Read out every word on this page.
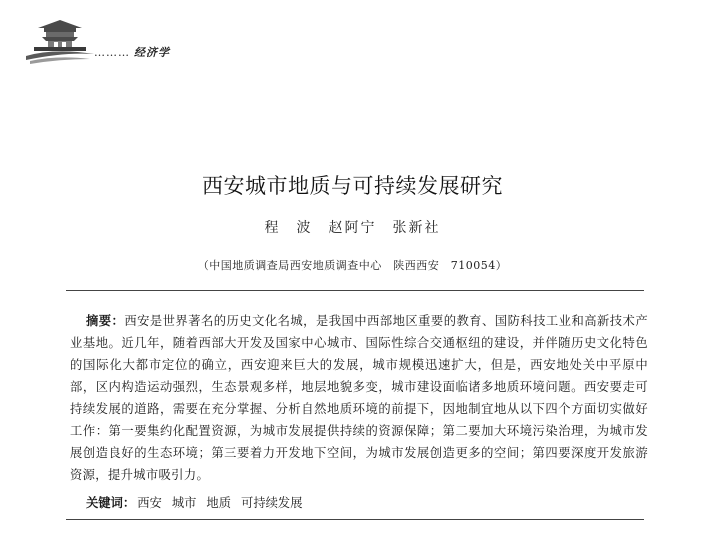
……… 经济学
西安城市地质与可持续发展研究
程　波　赵阿宁　张新社
（中国地质调查局西安地质调查中心　陕西西安　710054）
摘要：西安是世界著名的历史文化名城，是我国中西部地区重要的教育、国防科技工业和高新技术产业基地。近几年，随着西部大开发及国家中心城市、国际性综合交通枢纽的建设，并伴随历史文化特色的国际化大都市定位的确立，西安迎来巨大的发展，城市规模迅速扩大，但是，西安地处关中平原中部，区内构造运动强烈，生态景观多样，地层地貌多变，城市建设面临诸多地质环境问题。西安要走可持续发展的道路，需要在充分掌握、分析自然地质环境的前提下，因地制宜地从以下四个方面切实做好工作：第一要集约化配置资源，为城市发展提供持续的资源保障；第二要加大环境污染治理，为城市发展创造良好的生态环境；第三要着力开发地下空间，为城市发展创造更多的空间；第四要深度开发旅游资源，提升城市吸引力。
关键词： 西安 城市 地质 可持续发展
